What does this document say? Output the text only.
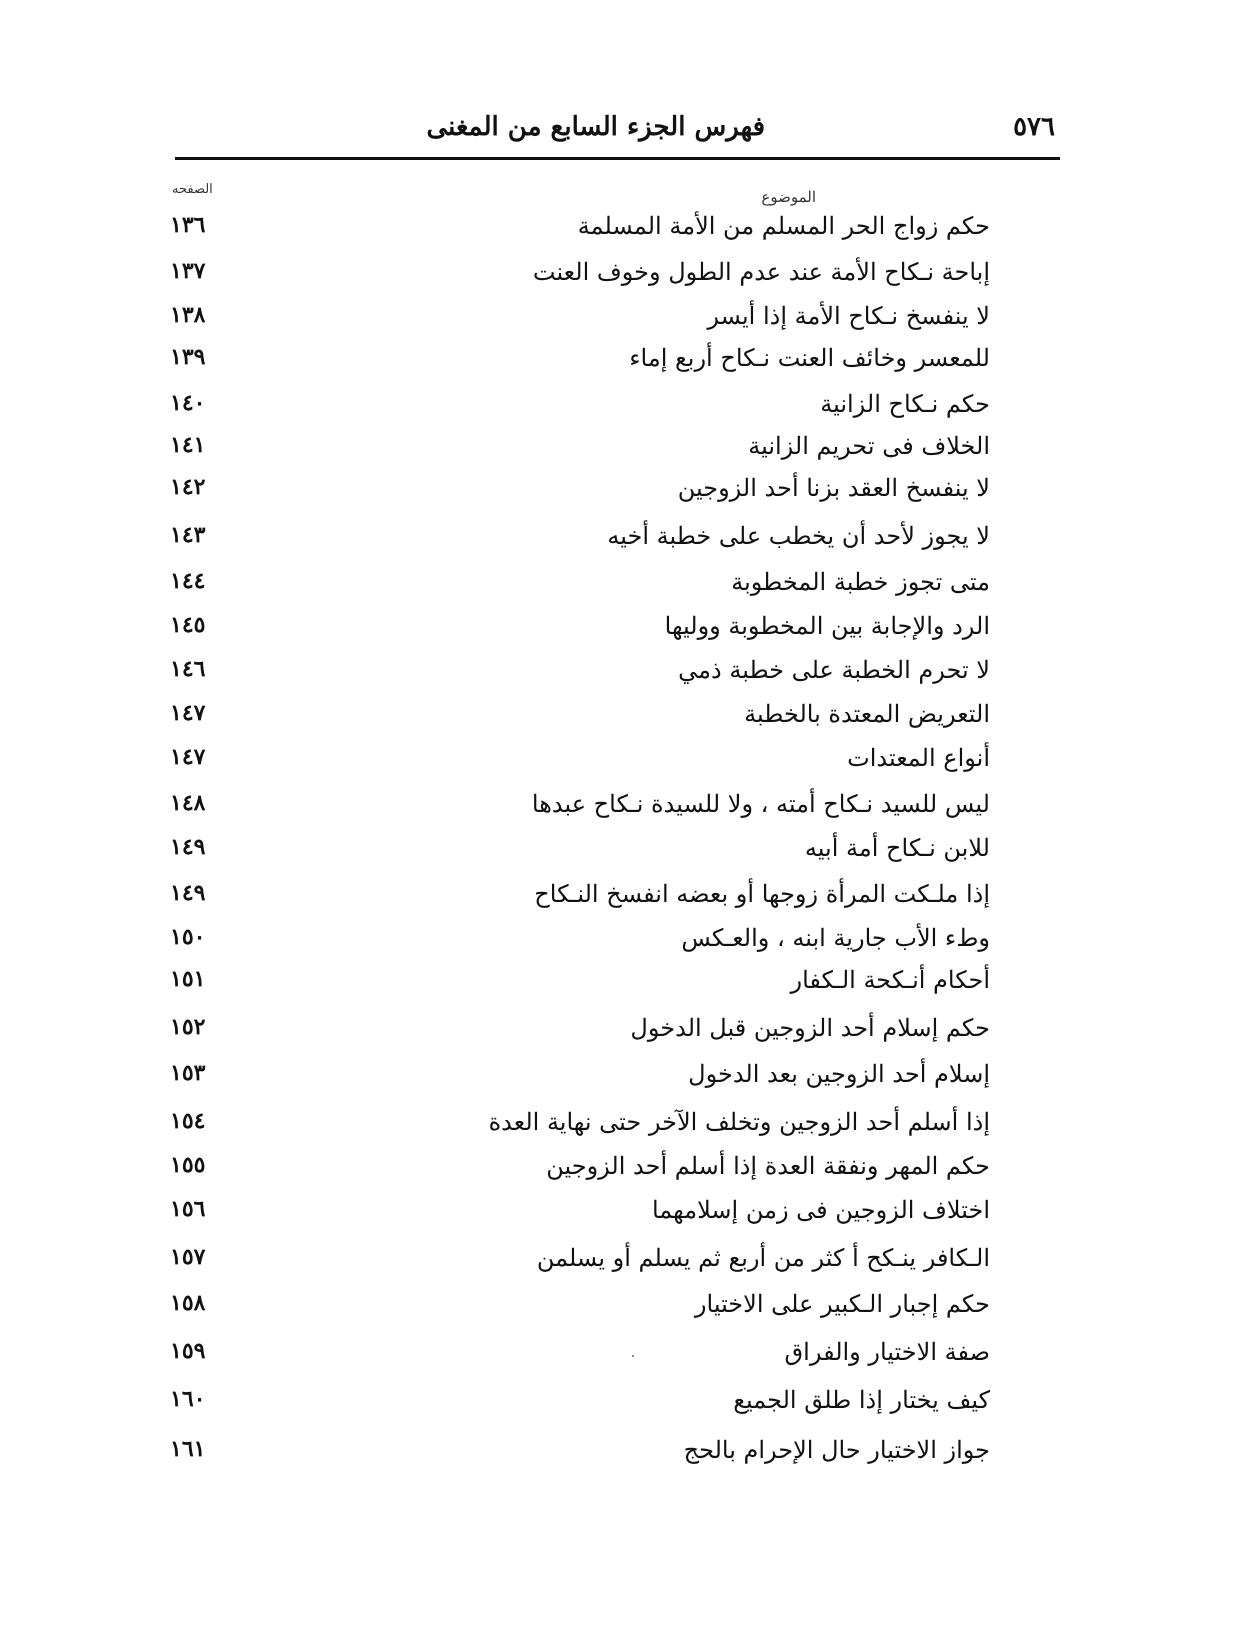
٥٧٦
فهرس الجزء السابع من المغنى
الموضوع
الصفحه
حكم زواج الحر المسلم من الأمة المسلمة
١٣٦
إباحة نـكاح الأمة عند عدم الطول وخوف العنت
١٣٧
لا ينفسخ نـكاح الأمة إذا أيسر
١٣٨
للمعسر وخائف العنت نـكاح أربع إماء
١٣٩
حكم نـكاح الزانية
١٤٠
الخلاف فى تحريم الزانية
١٤١
لا ينفسخ العقد بزنا أحد الزوجين
١٤٢
لا يجوز لأحد أن يخطب على خطبة أخيه
١٤٣
متى تجوز خطبة المخطوبة
١٤٤
الرد والإجابة بين المخطوبة ووليها
١٤٥
لا تحرم الخطبة على خطبة ذمي
١٤٦
التعريض المعتدة بالخطبة
١٤٧
أنواع المعتدات
١٤٧
ليس للسيد نـكاح أمته ، ولا للسيدة نـكاح عبدها
١٤٨
للابن نـكاح أمة أبيه
١٤٩
إذا ملـكت المرأة زوجها أو بعضه انفسخ النـكاح
١٤٩
وطء الأب جارية ابنه ، والعـكس
١٥٠
أحكام أنـكحة الـكفار
١٥١
حكم إسلام أحد الزوجين قبل الدخول
١٥٢
إسلام أحد الزوجين بعد الدخول
١٥٣
إذا أسلم أحد الزوجين وتخلف الآخر حتى نهاية العدة
١٥٤
حكم المهر ونفقة العدة إذا أسلم أحد الزوجين
١٥٥
اختلاف الزوجين فى زمن إسلامهما
١٥٦
الـكافر ينـكح أ كثر من أربع ثم يسلم أو يسلمن
١٥٧
حكم إجبار الـكبير على الاختيار
١٥٨
صفة الاختيار والفراق
١٥٩
كيف يختار إذا طلق الجميع
١٦٠
جواز الاختيار حال الإحرام بالحج
١٦١
